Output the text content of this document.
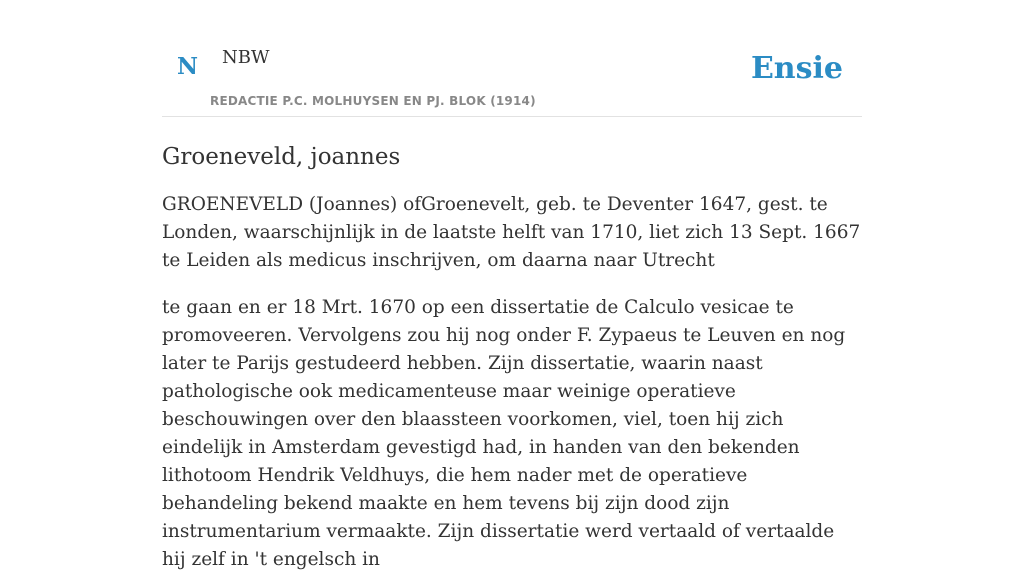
N NBW	Ensie
REDACTIE P.C. MOLHUYSEN EN PJ. BLOK (1914)
Groeneveld, joannes

GROENEVELD (Joannes) ofGroenevelt, geb. te Deventer 1647, gest. te Londen, waarschijnlijk in de laatste helft van 1710, liet zich 13 Sept. 1667 te Leiden als medicus inschrijven, om daarna naar Utrecht

te gaan en er 18 Mrt. 1670 op een dissertatie de Calculo vesicae te promoveeren. Vervolgens zou hij nog onder F. Zypaeus te Leuven en nog later te Parijs gestudeerd hebben. Zijn dissertatie, waarin naast pathologische ook medicamenteuse maar weinige operatieve beschouwingen over den blaassteen voorkomen, viel, toen hij zich eindelijk in Amsterdam gevestigd had, in handen van den bekenden lithotoom Hendrik Veldhuys, die hem nader met de operatieve behandeling bekend maakte en hem tevens bij zijn dood zijn instrumentarium vermaakte. Zijn dissertatie werd vertaald of vertaalde hij zelf in 't engelsch in
